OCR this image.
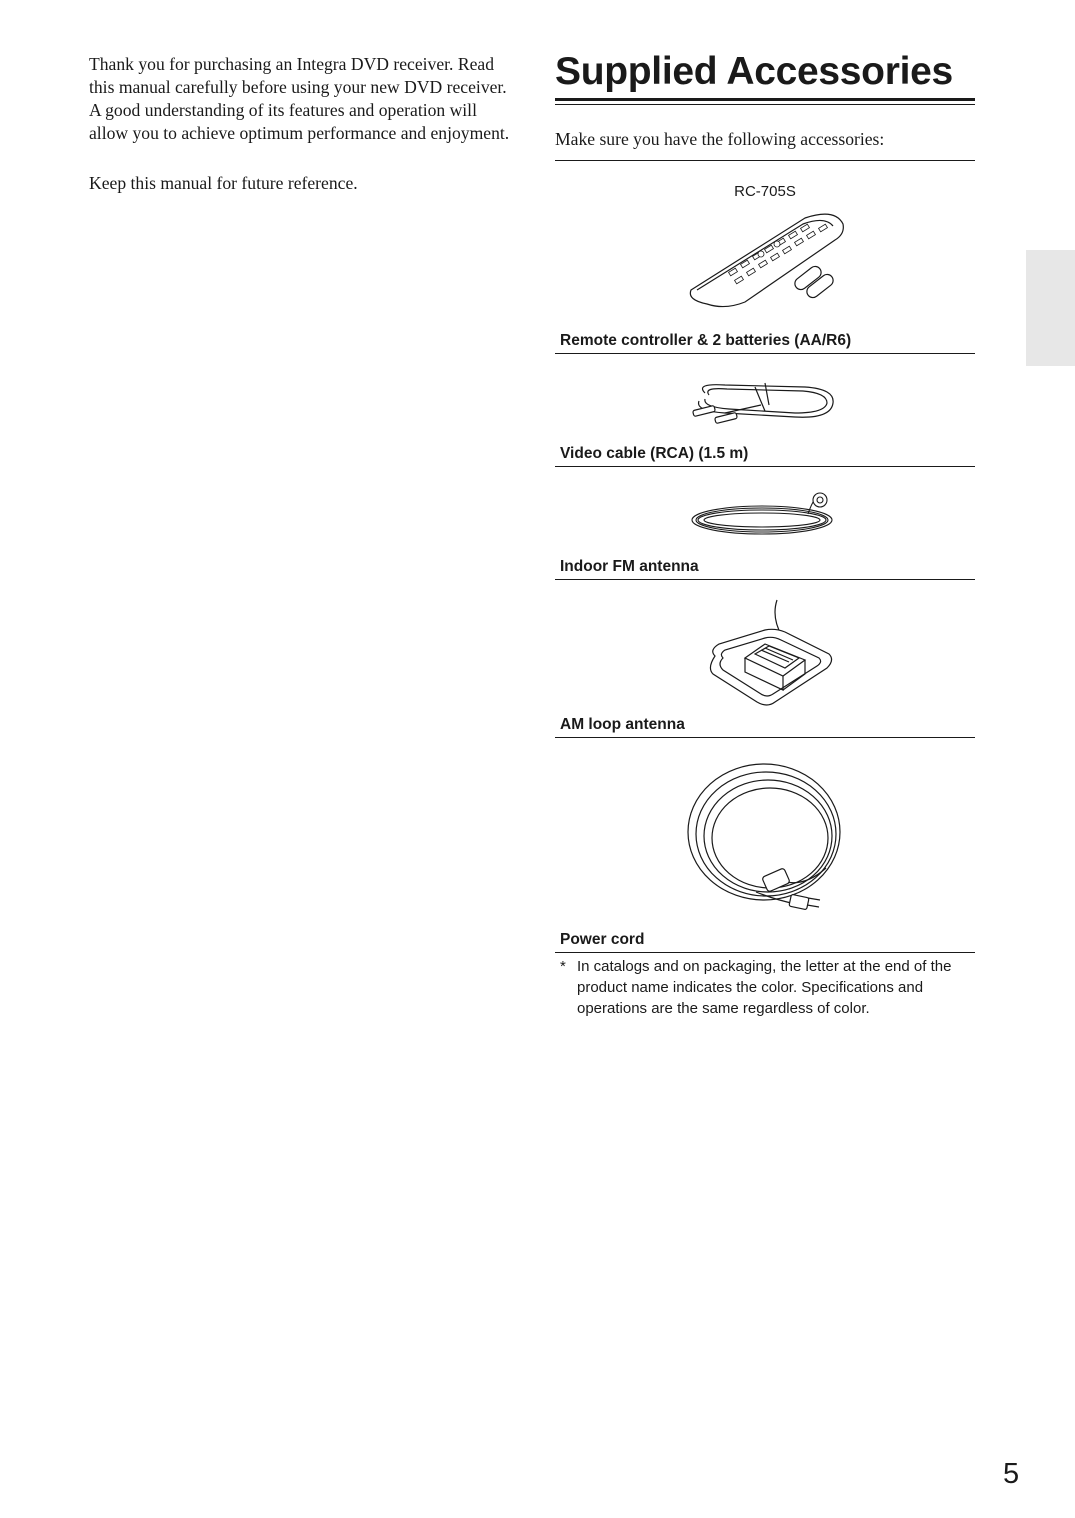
Thank you for purchasing an Integra DVD receiver. Read this manual carefully before using your new DVD receiver. A good understanding of its features and operation will allow you to achieve optimum performance and enjoyment.

Keep this manual for future reference.

Supplied Accessories
Make sure you have the following accessories:
RC-705S
Remote controller & 2 batteries (AA/R6)
Video cable (RCA) (1.5 m)
Indoor FM antenna
AM loop antenna
Power cord
* In catalogs and on packaging, the letter at the end of the product name indicates the color. Specifications and operations are the same regardless of color.
5
